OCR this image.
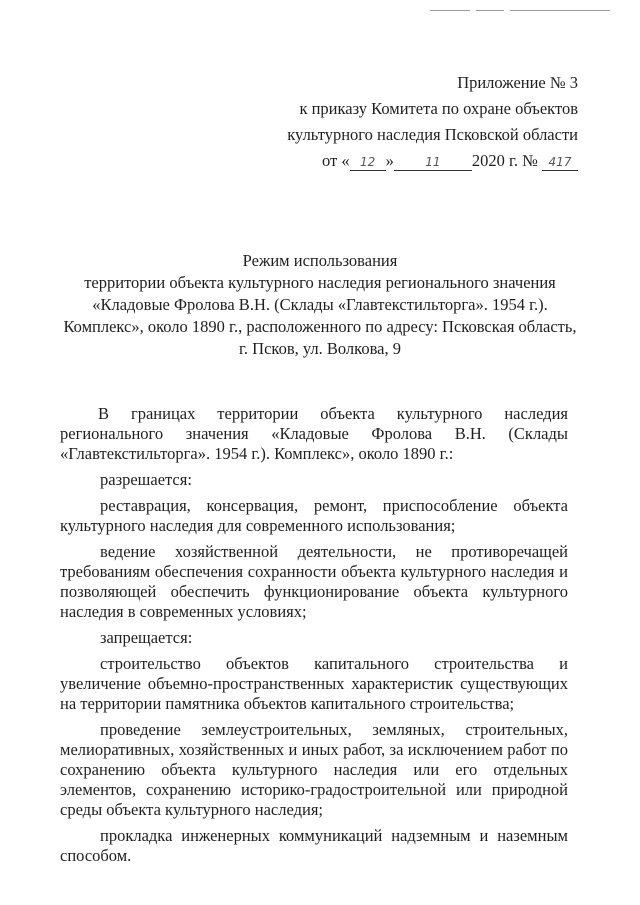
Приложение № 3
к приказу Комитета по охране объектов
культурного наследия Псковской области
от « 12 »	11 2020 г. № 417
Режим использования
территории объекта культурного наследия регионального значения
«Кладовые Фролова В.Н. (Склады «Главтекстильторга». 1954 г.).
Комплекс», около 1890 г., расположенного по адресу: Псковская область,
г. Псков, ул. Волкова, 9

В границах территории объекта культурного наследия регионального значения «Кладовые Фролова В.Н. (Склады «Главтекстильторга». 1954 г.). Комплекс», около 1890 г.:

разрешается:

реставрация, консервация, ремонт, приспособление объекта культурного наследия для современного использования;

ведение хозяйственной деятельности, не противоречащей требованиям обеспечения сохранности объекта культурного наследия и позволяющей обеспечить функционирование объекта культурного наследия в современных условиях;

запрещается:

строительство объектов капитального строительства и увеличение объемно-пространственных характеристик существующих на территории памятника объектов капитального строительства;

проведение землеустроительных, земляных, строительных, мелиоративных, хозяйственных и иных работ, за исключением работ по сохранению объекта культурного наследия или его отдельных элементов, сохранению историко-градостроительной или природной среды объекта культурного наследия;

прокладка инженерных коммуникаций надземным и наземным способом.
